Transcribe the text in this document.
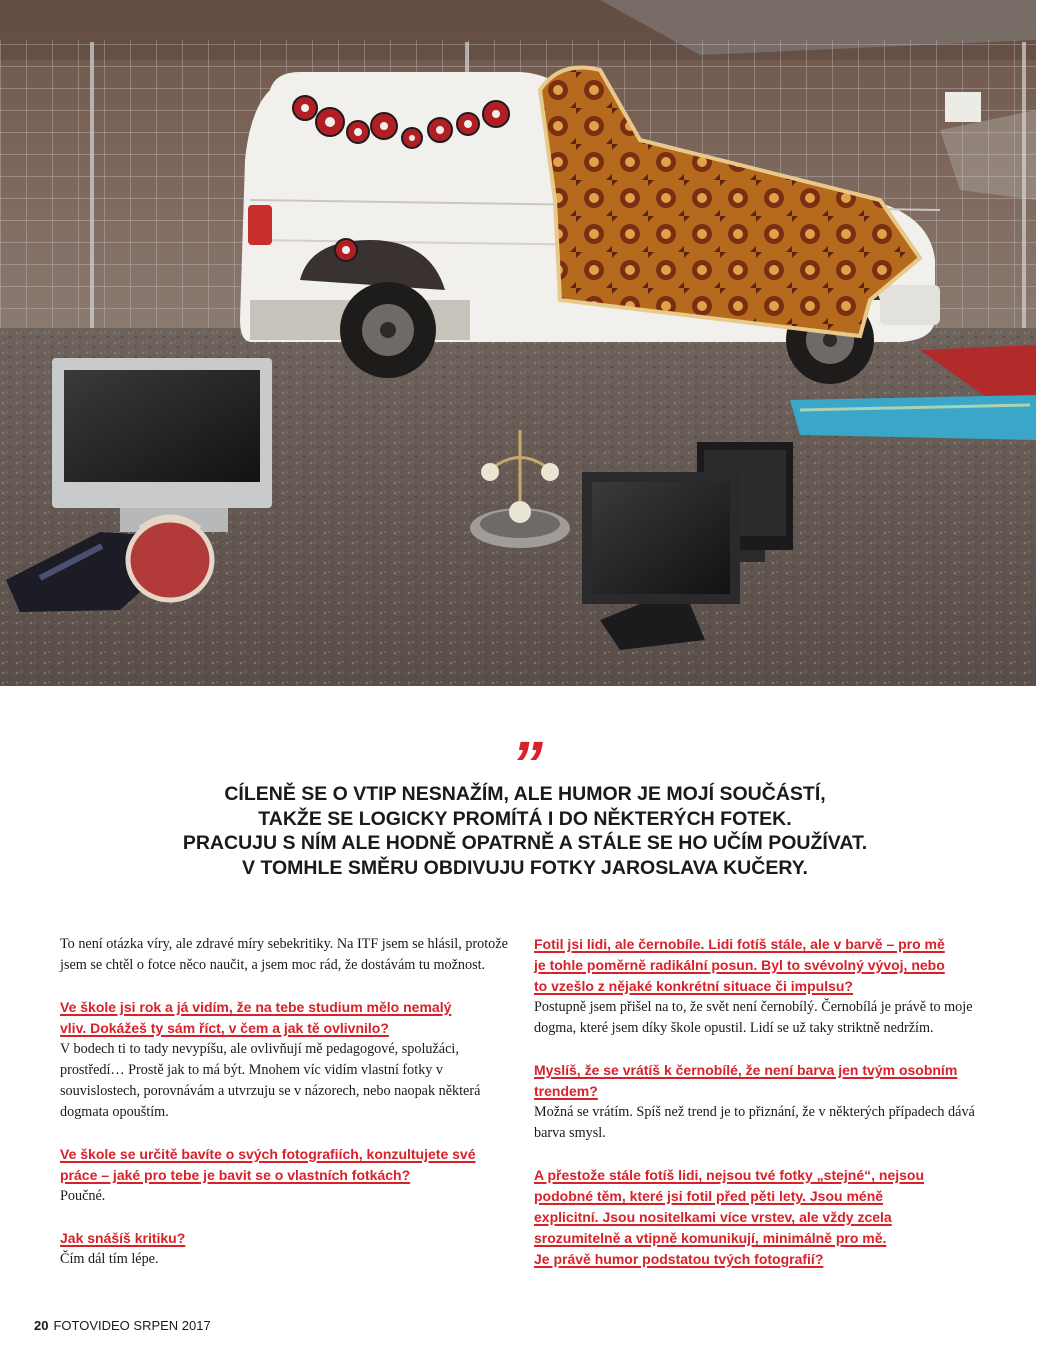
”
CÍLENĚ SE O VTIP NESNAŽÍM, ALE HUMOR JE MOJÍ SOUČÁSTÍ,
TAKŽE SE LOGICKY PROMÍTÁ I DO NĚKTERÝCH FOTEK.
PRACUJU S NÍM ALE HODNĚ OPATRNĚ A STÁLE SE HO UČÍM POUŽÍVAT.
V TOMHLE SMĚRU OBDIVUJU FOTKY JAROSLAVA KUČERY.

To není otázka víry, ale zdravé míry sebekritiky. Na ITF jsem se hlásil, protože jsem se chtěl o fotce něco naučit, a jsem moc rád, že dostávám tu možnost.

Ve škole jsi rok a já vidím, že na tebe studium mělo nemalý
vliv. Dokážeš ty sám říct, v čem a jak tě ovlivnilo?

V bodech ti to tady nevypíšu, ale ovlivňují mě pedagogové, spolužáci, prostředí… Prostě jak to má být. Mnohem víc vidím vlastní fotky v souvislostech, porovnávám a utvrzuju se v názorech, nebo naopak některá dogmata opouštím.

Ve škole se určitě bavíte o svých fotografiích, konzultujete své
práce – jaké pro tebe je bavit se o vlastních fotkách?

Poučné.

Jak snášíš kritiku?

Čím dál tím lépe.

Fotil jsi lidi, ale černobíle. Lidi fotíš stále, ale v barvě – pro mě
je tohle poměrně radikální posun. Byl to svévolný vývoj, nebo
to vzešlo z nějaké konkrétní situace či impulsu?

Postupně jsem přišel na to, že svět není černobílý. Černobílá je právě to moje dogma, které jsem díky škole opustil. Lidí se už taky striktně nedržím.

Myslíš, že se vrátíš k černobílé, že není barva jen tvým osobním
trendem?

Možná se vrátím. Spíš než trend je to přiznání, že v některých případech dává barva smysl.

A přestože stále fotíš lidi, nejsou tvé fotky „stejné“, nejsou
podobné těm, které jsi fotil před pěti lety. Jsou méně
explicitní. Jsou nositelkami více vrstev, ale vždy zcela
srozumitelně a vtipně komunikují, minimálně pro mě.
Je právě humor podstatou tvých fotografií?

20 FOTOVIDEO SRPEN 2017
